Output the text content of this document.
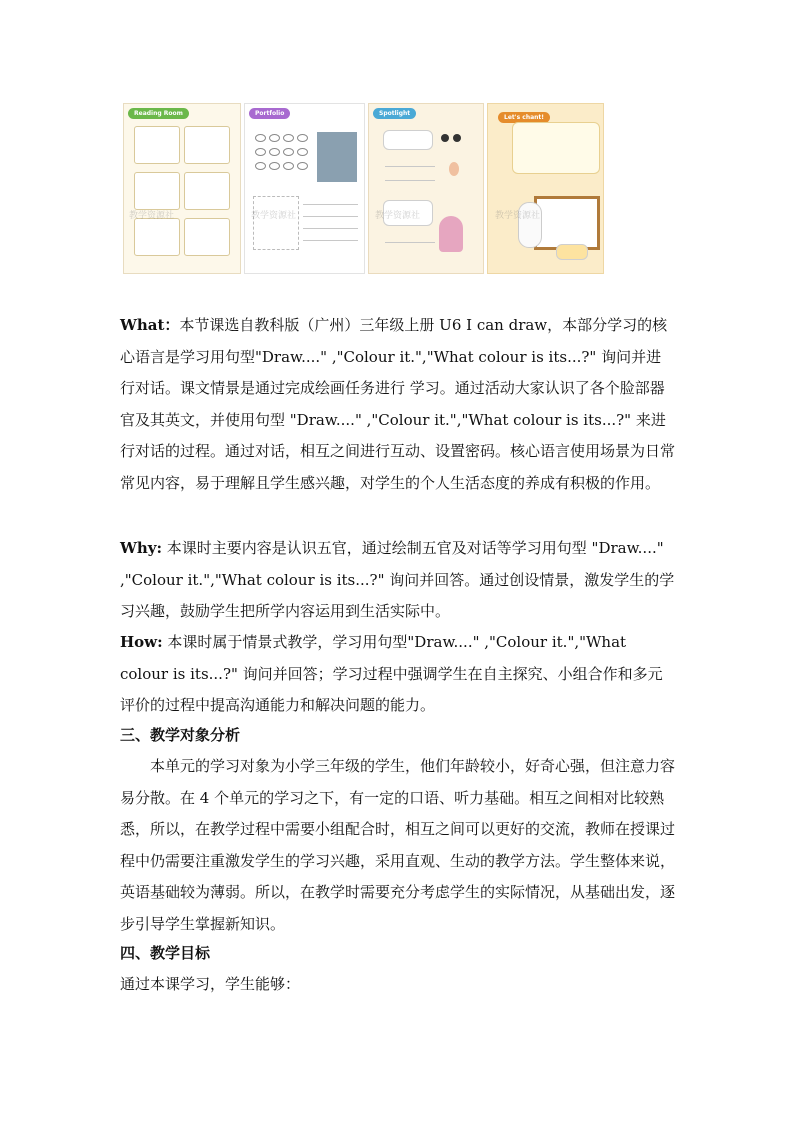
Reading Room	Portfolio	Spotlight
Let's chant!
教学资源社	教学资源社	教学资源社	教学资源社

What：本节课选自教科版（广州）三年级上册 U6 I can draw，本部分学习的核心语言是学习用句型"Draw...." ,"Colour it.","What colour is its...?" 询问并进行对话。课文情景是通过完成绘画任务进行 学习。通过活动大家认识了各个脸部器官及其英文，并使用句型 "Draw...." ,"Colour it.","What colour is its...?" 来进行对话的过程。通过对话，相互之间进行互动、设置密码。核心语言使用场景为日常常见内容，易于理解且学生感兴趣，对学生的个人生活态度的养成有积极的作用。

Why: 本课时主要内容是认识五官，通过绘制五官及对话等学习用句型 "Draw...." ,"Colour it.","What colour is its...?" 询问并回答。通过创设情景，激发学生的学习兴趣，鼓励学生把所学内容运用到生活实际中。

How: 本课时属于情景式教学，学习用句型"Draw...." ,"Colour it.","What colour is its...?" 询问并回答；学习过程中强调学生在自主探究、小组合作和多元评价的过程中提高沟通能力和解决问题的能力。

三、教学对象分析

本单元的学习对象为小学三年级的学生，他们年龄较小，好奇心强，但注意力容易分散。在 4 个单元的学习之下，有一定的口语、听力基础。相互之间相对比较熟悉，所以，在教学过程中需要小组配合时，相互之间可以更好的交流，教师在授课过程中仍需要注重激发学生的学习兴趣，采用直观、生动的教学方法。学生整体来说，英语基础较为薄弱。所以，在教学时需要充分考虑学生的实际情况，从基础出发，逐步引导学生掌握新知识。

四、教学目标

通过本课学习，学生能够：
